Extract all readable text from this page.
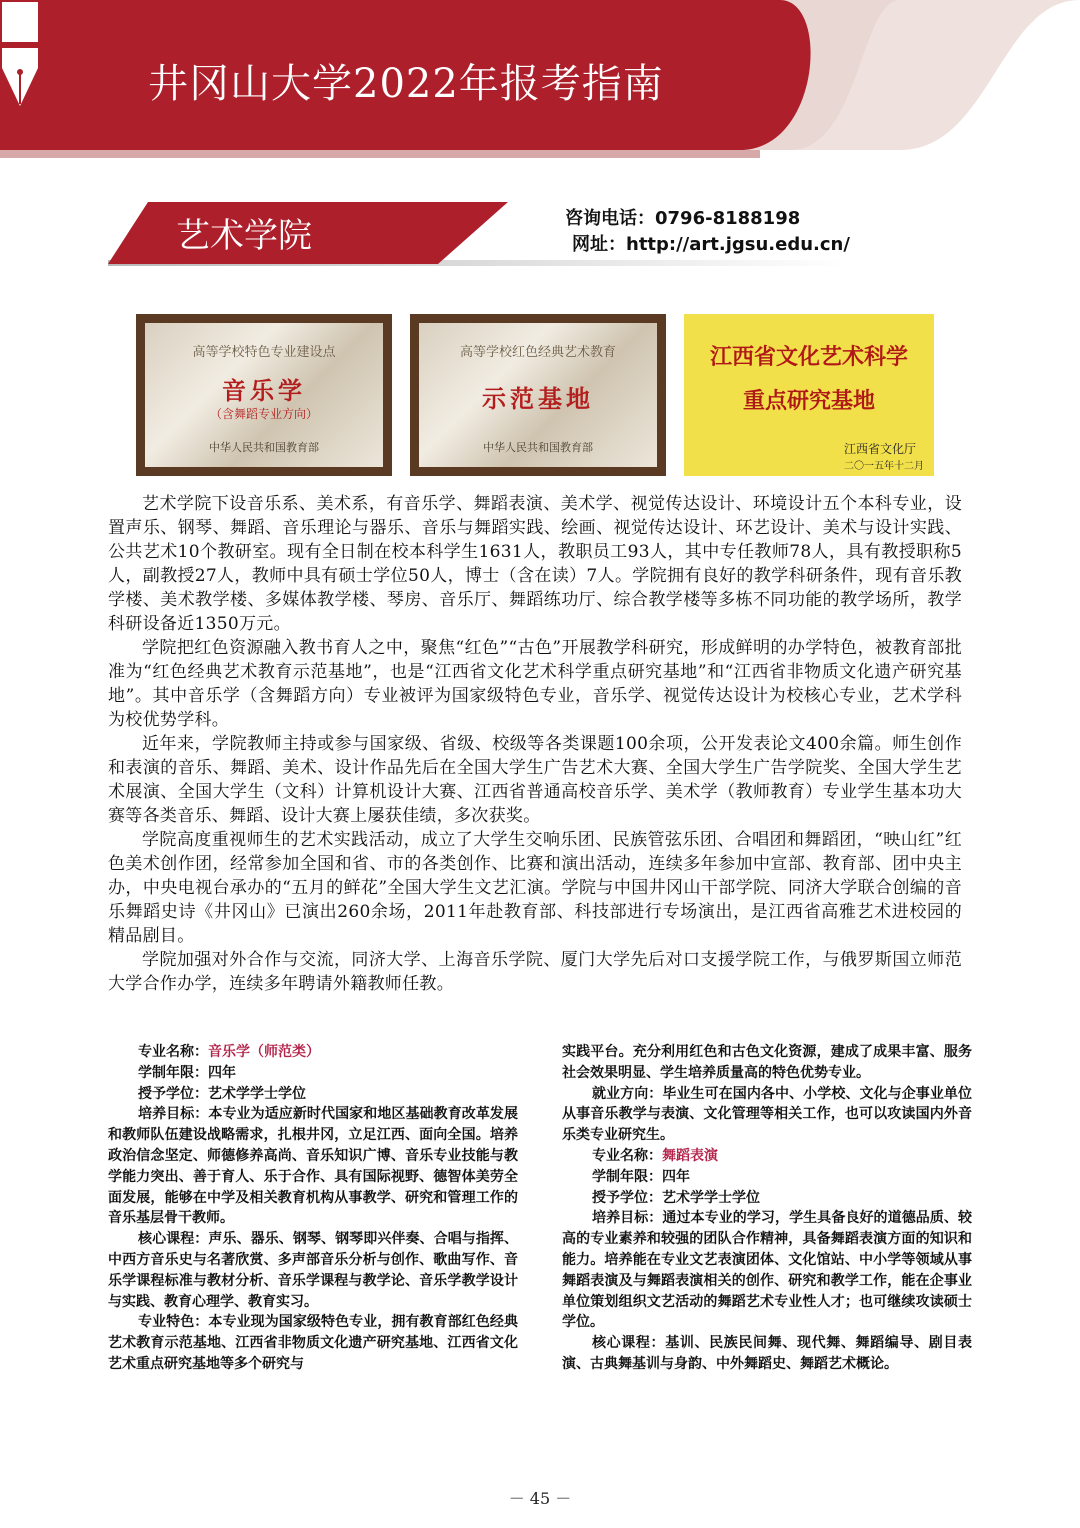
井冈山大学2022年报考指南
艺术学院	咨询电话：0796-8188198
网址：http://art.jgsu.edu.cn/
高等学校特色专业建设点
音乐学
（含舞蹈专业方向）
中华人民共和国教育部
高等学校红色经典艺术教育
示范基地
中华人民共和国教育部
江西省文化艺术科学
重点研究基地
江西省文化厅
二〇一五年十二月

艺术学院下设音乐系、美术系，有音乐学、舞蹈表演、美术学、视觉传达设计、环境设计五个本科专业，设置声乐、钢琴、舞蹈、音乐理论与器乐、音乐与舞蹈实践、绘画、视觉传达设计、环艺设计、美术与设计实践、公共艺术10个教研室。现有全日制在校本科学生1631人，教职员工93人，其中专任教师78人，具有教授职称5人，副教授27人，教师中具有硕士学位50人，博士（含在读）7人。学院拥有良好的教学科研条件，现有音乐教学楼、美术教学楼、多媒体教学楼、琴房、音乐厅、舞蹈练功厅、综合教学楼等多栋不同功能的教学场所，教学科研设备近1350万元。

学院把红色资源融入教书育人之中，聚焦“红色”“古色”开展教学科研究，形成鲜明的办学特色，被教育部批准为“红色经典艺术教育示范基地”，也是“江西省文化艺术科学重点研究基地”和“江西省非物质文化遗产研究基地”。其中音乐学（含舞蹈方向）专业被评为国家级特色专业，音乐学、视觉传达设计为校核心专业，艺术学科为校优势学科。

近年来，学院教师主持或参与国家级、省级、校级等各类课题100余项，公开发表论文400余篇。师生创作和表演的音乐、舞蹈、美术、设计作品先后在全国大学生广告艺术大赛、全国大学生广告学院奖、全国大学生艺术展演、全国大学生（文科）计算机设计大赛、江西省普通高校音乐学、美术学（教师教育）专业学生基本功大赛等各类音乐、舞蹈、设计大赛上屡获佳绩，多次获奖。

学院高度重视师生的艺术实践活动，成立了大学生交响乐团、民族管弦乐团、合唱团和舞蹈团，“映山红”红色美术创作团，经常参加全国和省、市的各类创作、比赛和演出活动，连续多年参加中宣部、教育部、团中央主办，中央电视台承办的“五月的鲜花”全国大学生文艺汇演。学院与中国井冈山干部学院、同济大学联合创编的音乐舞蹈史诗《井冈山》已演出260余场，2011年赴教育部、科技部进行专场演出，是江西省高雅艺术进校园的精品剧目。

学院加强对外合作与交流，同济大学、上海音乐学院、厦门大学先后对口支援学院工作，与俄罗斯国立师范大学合作办学，连续多年聘请外籍教师任教。

专业名称：音乐学（师范类）

学制年限：四年

授予学位：艺术学学士学位

培养目标：本专业为适应新时代国家和地区基础教育改革发展和教师队伍建设战略需求，扎根井冈，立足江西、面向全国。培养政治信念坚定、师德修养高尚、音乐知识广博、音乐专业技能与教学能力突出、善于育人、乐于合作、具有国际视野、德智体美劳全面发展，能够在中学及相关教育机构从事教学、研究和管理工作的音乐基层骨干教师。

核心课程：声乐、器乐、钢琴、钢琴即兴伴奏、合唱与指挥、中西方音乐史与名著欣赏、多声部音乐分析与创作、歌曲写作、音乐学课程标准与教材分析、音乐学课程与教学论、音乐学教学设计与实践、教育心理学、教育实习。

专业特色：本专业现为国家级特色专业，拥有教育部红色经典艺术教育示范基地、江西省非物质文化遗产研究基地、江西省文化艺术重点研究基地等多个研究与

实践平台。充分利用红色和古色文化资源，建成了成果丰富、服务社会效果明显、学生培养质量高的特色优势专业。

就业方向：毕业生可在国内各中、小学校、文化与企事业单位从事音乐教学与表演、文化管理等相关工作，也可以攻读国内外音乐类专业研究生。

专业名称：舞蹈表演

学制年限：四年

授予学位：艺术学学士学位

培养目标：通过本专业的学习，学生具备良好的道德品质、较高的专业素养和较强的团队合作精神，具备舞蹈表演方面的知识和能力。培养能在专业文艺表演团体、文化馆站、中小学等领域从事舞蹈表演及与舞蹈表演相关的创作、研究和教学工作，能在企事业单位策划组织文艺活动的舞蹈艺术专业性人才；也可继续攻读硕士学位。

核心课程：基训、民族民间舞、现代舞、舞蹈编导、剧目表演、古典舞基训与身韵、中外舞蹈史、舞蹈艺术概论。

－ 45 －
